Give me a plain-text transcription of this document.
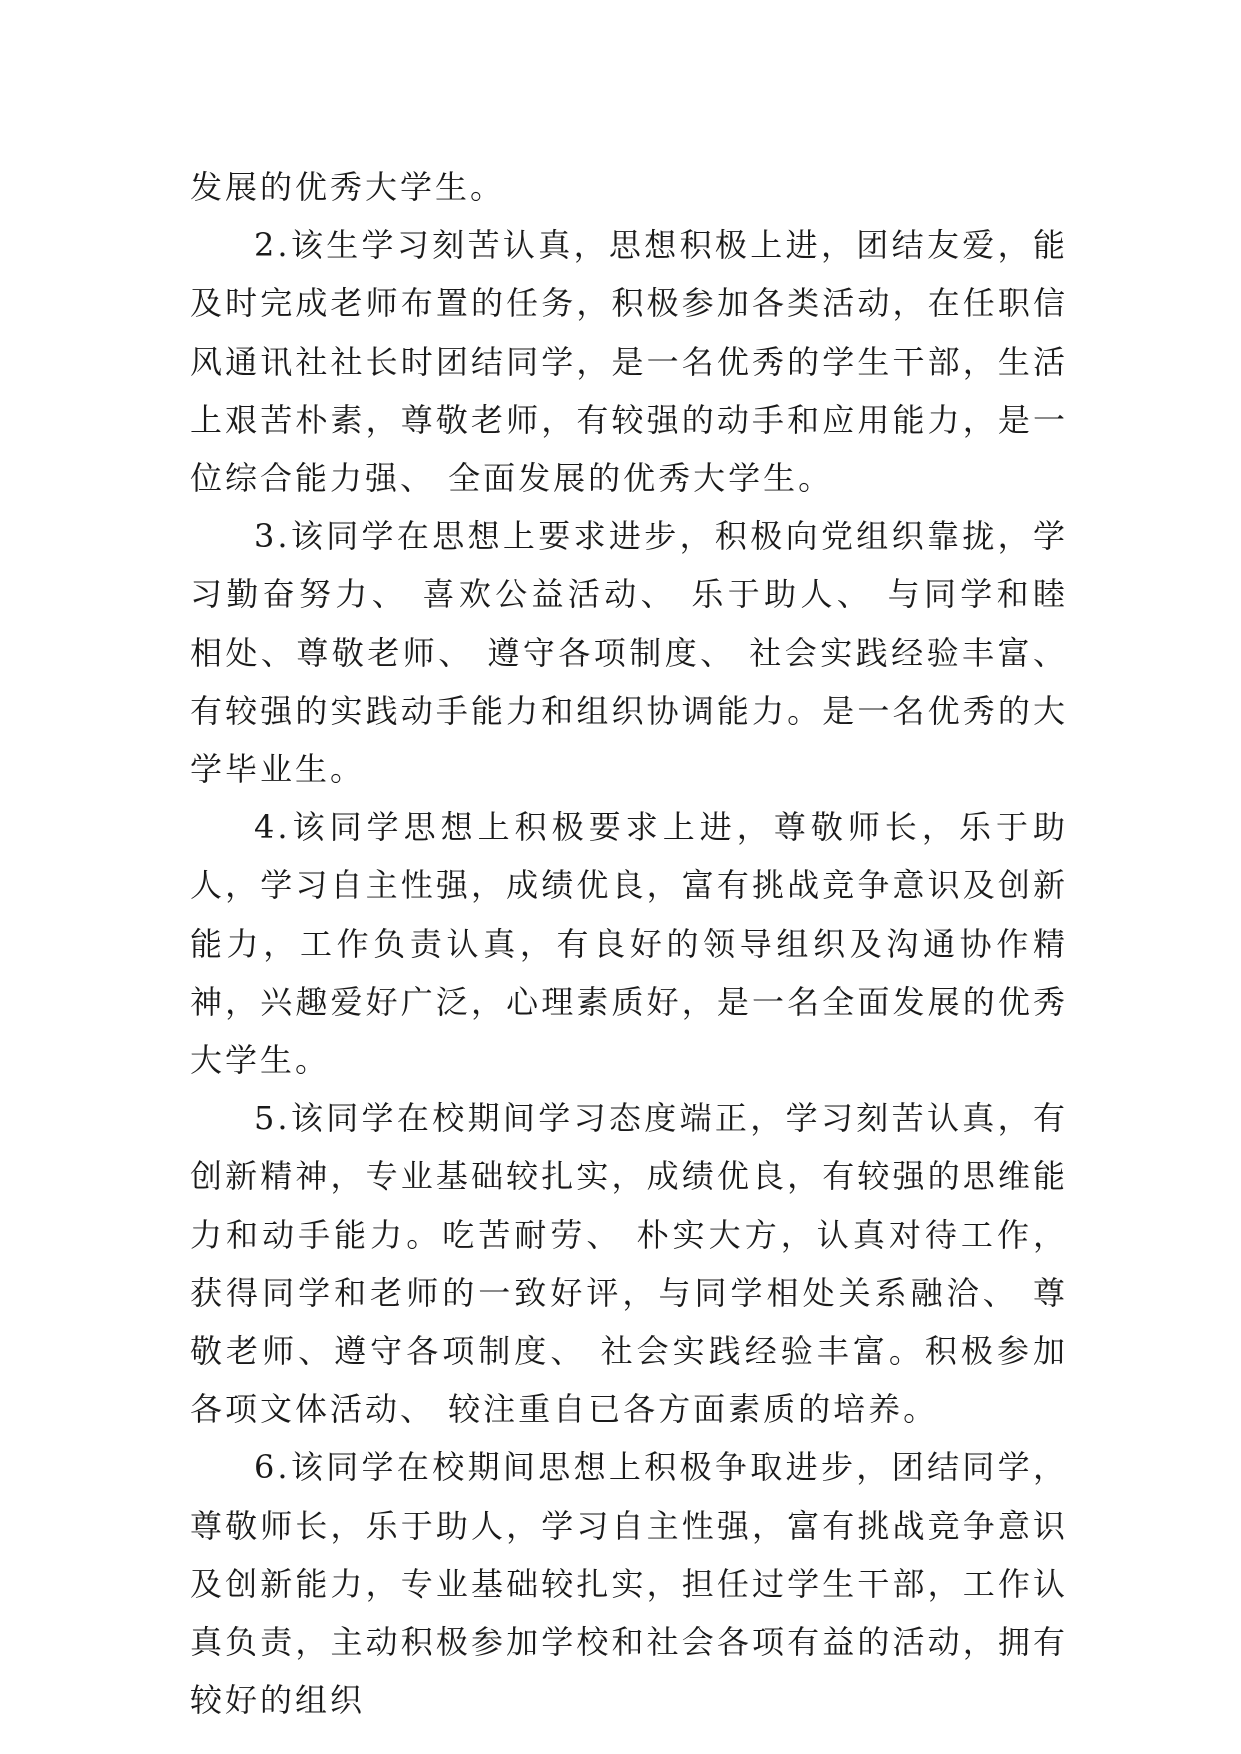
发展的优秀大学生。

2.该生学习刻苦认真，思想积极上进，团结友爱，能及时完成老师布置的任务，积极参加各类活动，在任职信风通讯社社长时团结同学，是一名优秀的学生干部，生活上艰苦朴素，尊敬老师，有较强的动手和应用能力，是一位综合能力强、 全面发展的优秀大学生。

3.该同学在思想上要求进步，积极向党组织靠拢，学习勤奋努力、 喜欢公益活动、 乐于助人、 与同学和睦相处、尊敬老师、 遵守各项制度、 社会实践经验丰富、 有较强的实践动手能力和组织协调能力。是一名优秀的大学毕业生。

4.该同学思想上积极要求上进，尊敬师长，乐于助人，学习自主性强，成绩优良，富有挑战竞争意识及创新能力，工作负责认真，有良好的领导组织及沟通协作精神，兴趣爱好广泛，心理素质好，是一名全面发展的优秀大学生。

5.该同学在校期间学习态度端正，学习刻苦认真，有创新精神，专业基础较扎实，成绩优良，有较强的思维能力和动手能力。吃苦耐劳、 朴实大方，认真对待工作，获得同学和老师的一致好评，与同学相处关系融洽、 尊敬老师、遵守各项制度、 社会实践经验丰富。积极参加各项文体活动、 较注重自已各方面素质的培养。

6.该同学在校期间思想上积极争取进步，团结同学，尊敬师长，乐于助人，学习自主性强，富有挑战竞争意识及创新能力，专业基础较扎实，担任过学生干部，工作认真负责，主动积极参加学校和社会各项有益的活动，拥有较好的组织
